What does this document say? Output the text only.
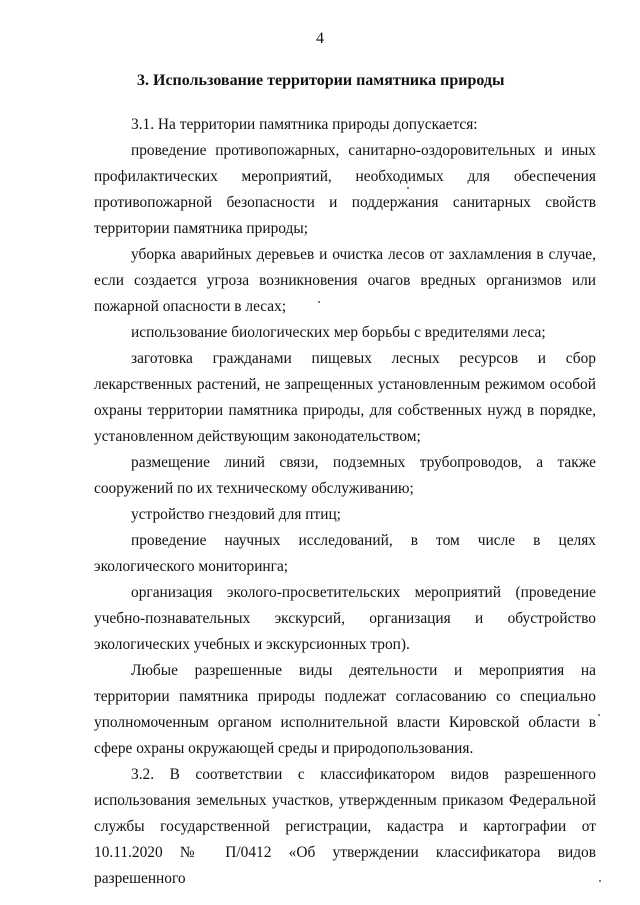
4
3. Использование территории памятника природы

3.1. На территории памятника природы допускается:

проведение противопожарных, санитарно-оздоровительных и иных профилактических мероприятий, необходимых для обеспечения противопожарной безопасности и поддержания санитарных свойств территории памятника природы;

уборка аварийных деревьев и очистка лесов от захламления в случае, если создается угроза возникновения очагов вредных организмов или пожарной опасности в лесах;

использование биологических мер борьбы с вредителями леса;

заготовка гражданами пищевых лесных ресурсов и сбор лекарственных растений, не запрещенных установленным режимом особой охраны территории памятника природы, для собственных нужд в порядке, установленном действующим законодательством;

размещение линий связи, подземных трубопроводов, а также сооружений по их техническому обслуживанию;

устройство гнездовий для птиц;

проведение научных исследований, в том числе в целях экологического мониторинга;

организация эколого-просветительских мероприятий (проведение учебно-познавательных экскурсий, организация и обустройство экологических учебных и экскурсионных троп).

Любые разрешенные виды деятельности и мероприятия на территории памятника природы подлежат согласованию со специально уполномоченным органом исполнительной власти Кировской области в сфере охраны окружающей среды и природопользования.

3.2. В соответствии с классификатором видов разрешенного использования земельных участков, утвержденным приказом Федеральной службы государственной регистрации, кадастра и картографии от 10.11.2020 № П/0412 «Об утверждении классификатора видов разрешенного
